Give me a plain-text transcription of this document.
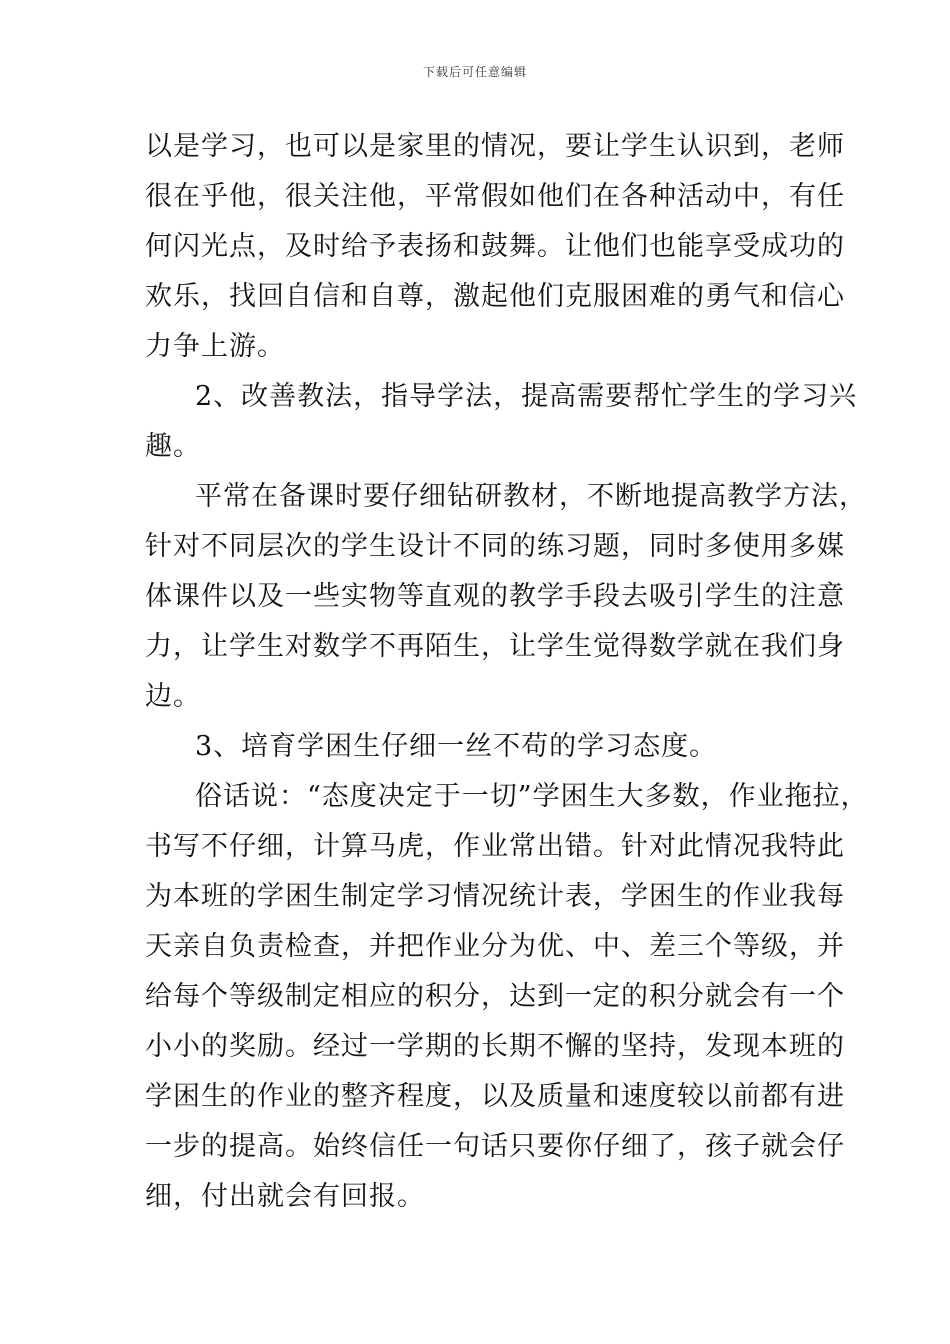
下载后可任意编辑
以是学习，也可以是家里的情况，要让学生认识到，老师
很在乎他，很关注他，平常假如他们在各种活动中，有任
何闪光点，及时给予表扬和鼓舞。让他们也能享受成功的
欢乐，找回自信和自尊，激起他们克服困难的勇气和信心
力争上游。
2、改善教法，指导学法，提高需要帮忙学生的学习兴
趣。
平常在备课时要仔细钻研教材，不断地提高教学方法，
针对不同层次的学生设计不同的练习题，同时多使用多媒
体课件以及一些实物等直观的教学手段去吸引学生的注意
力，让学生对数学不再陌生，让学生觉得数学就在我们身
边。
3、培育学困生仔细一丝不苟的学习态度。
俗话说：“态度决定于一切”学困生大多数，作业拖拉，
书写不仔细，计算马虎，作业常出错。针对此情况我特此
为本班的学困生制定学习情况统计表，学困生的作业我每
天亲自负责检查，并把作业分为优、中、差三个等级，并
给每个等级制定相应的积分，达到一定的积分就会有一个
小小的奖励。经过一学期的长期不懈的坚持，发现本班的
学困生的作业的整齐程度，以及质量和速度较以前都有进
一步的提高。始终信任一句话只要你仔细了，孩子就会仔
细，付出就会有回报。
